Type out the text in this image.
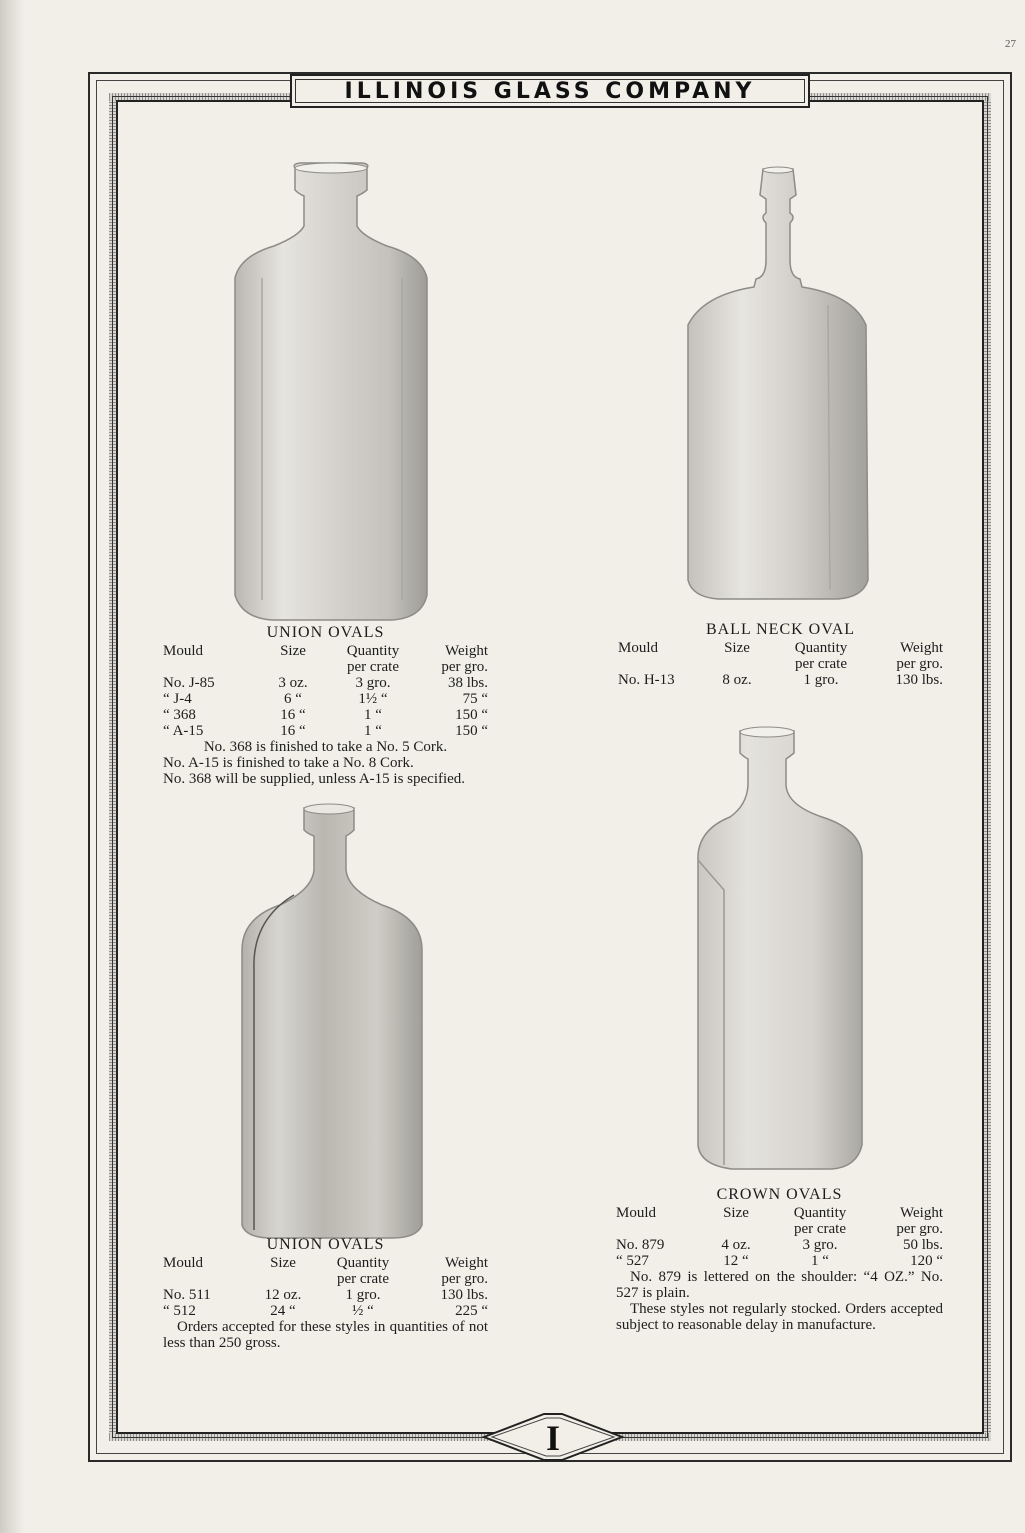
27
ILLINOIS GLASS COMPANY
UNION OVALS
Mould	Size	Quantity	Weight
		per crate	per gro.
No. J-85	3 oz.	3 gro.	38 lbs.
“ J-4	6 “	1½ “	75 “
“ 368	16 “	1 “	150 “
“ A-15	16 “	1 “	150 “
No. 368 is finished to take a No. 5 Cork.
No. A-15 is finished to take a No. 8 Cork.
No. 368 will be supplied, unless A-15 is specified.
BALL NECK OVAL
Mould	Size	Quantity	Weight
		per crate	per gro.
No. H-13	8 oz.	1 gro.	130 lbs.
UNION OVALS
Mould	Size	Quantity	Weight
		per crate	per gro.
No. 511	12 oz.	1 gro.	130 lbs.
“ 512	24 “	½ “	225 “
Orders accepted for these styles in quantities of not less than 250 gross.
CROWN OVALS
Mould	Size	Quantity	Weight
		per crate	per gro.
No. 879	4 oz.	3 gro.	50 lbs.
“ 527	12 “	1 “	120 “
No. 879 is lettered on the shoulder: “4 OZ.” No. 527 is plain.
These styles not regularly stocked. Orders accepted subject to reasonable delay in manufacture.
I
